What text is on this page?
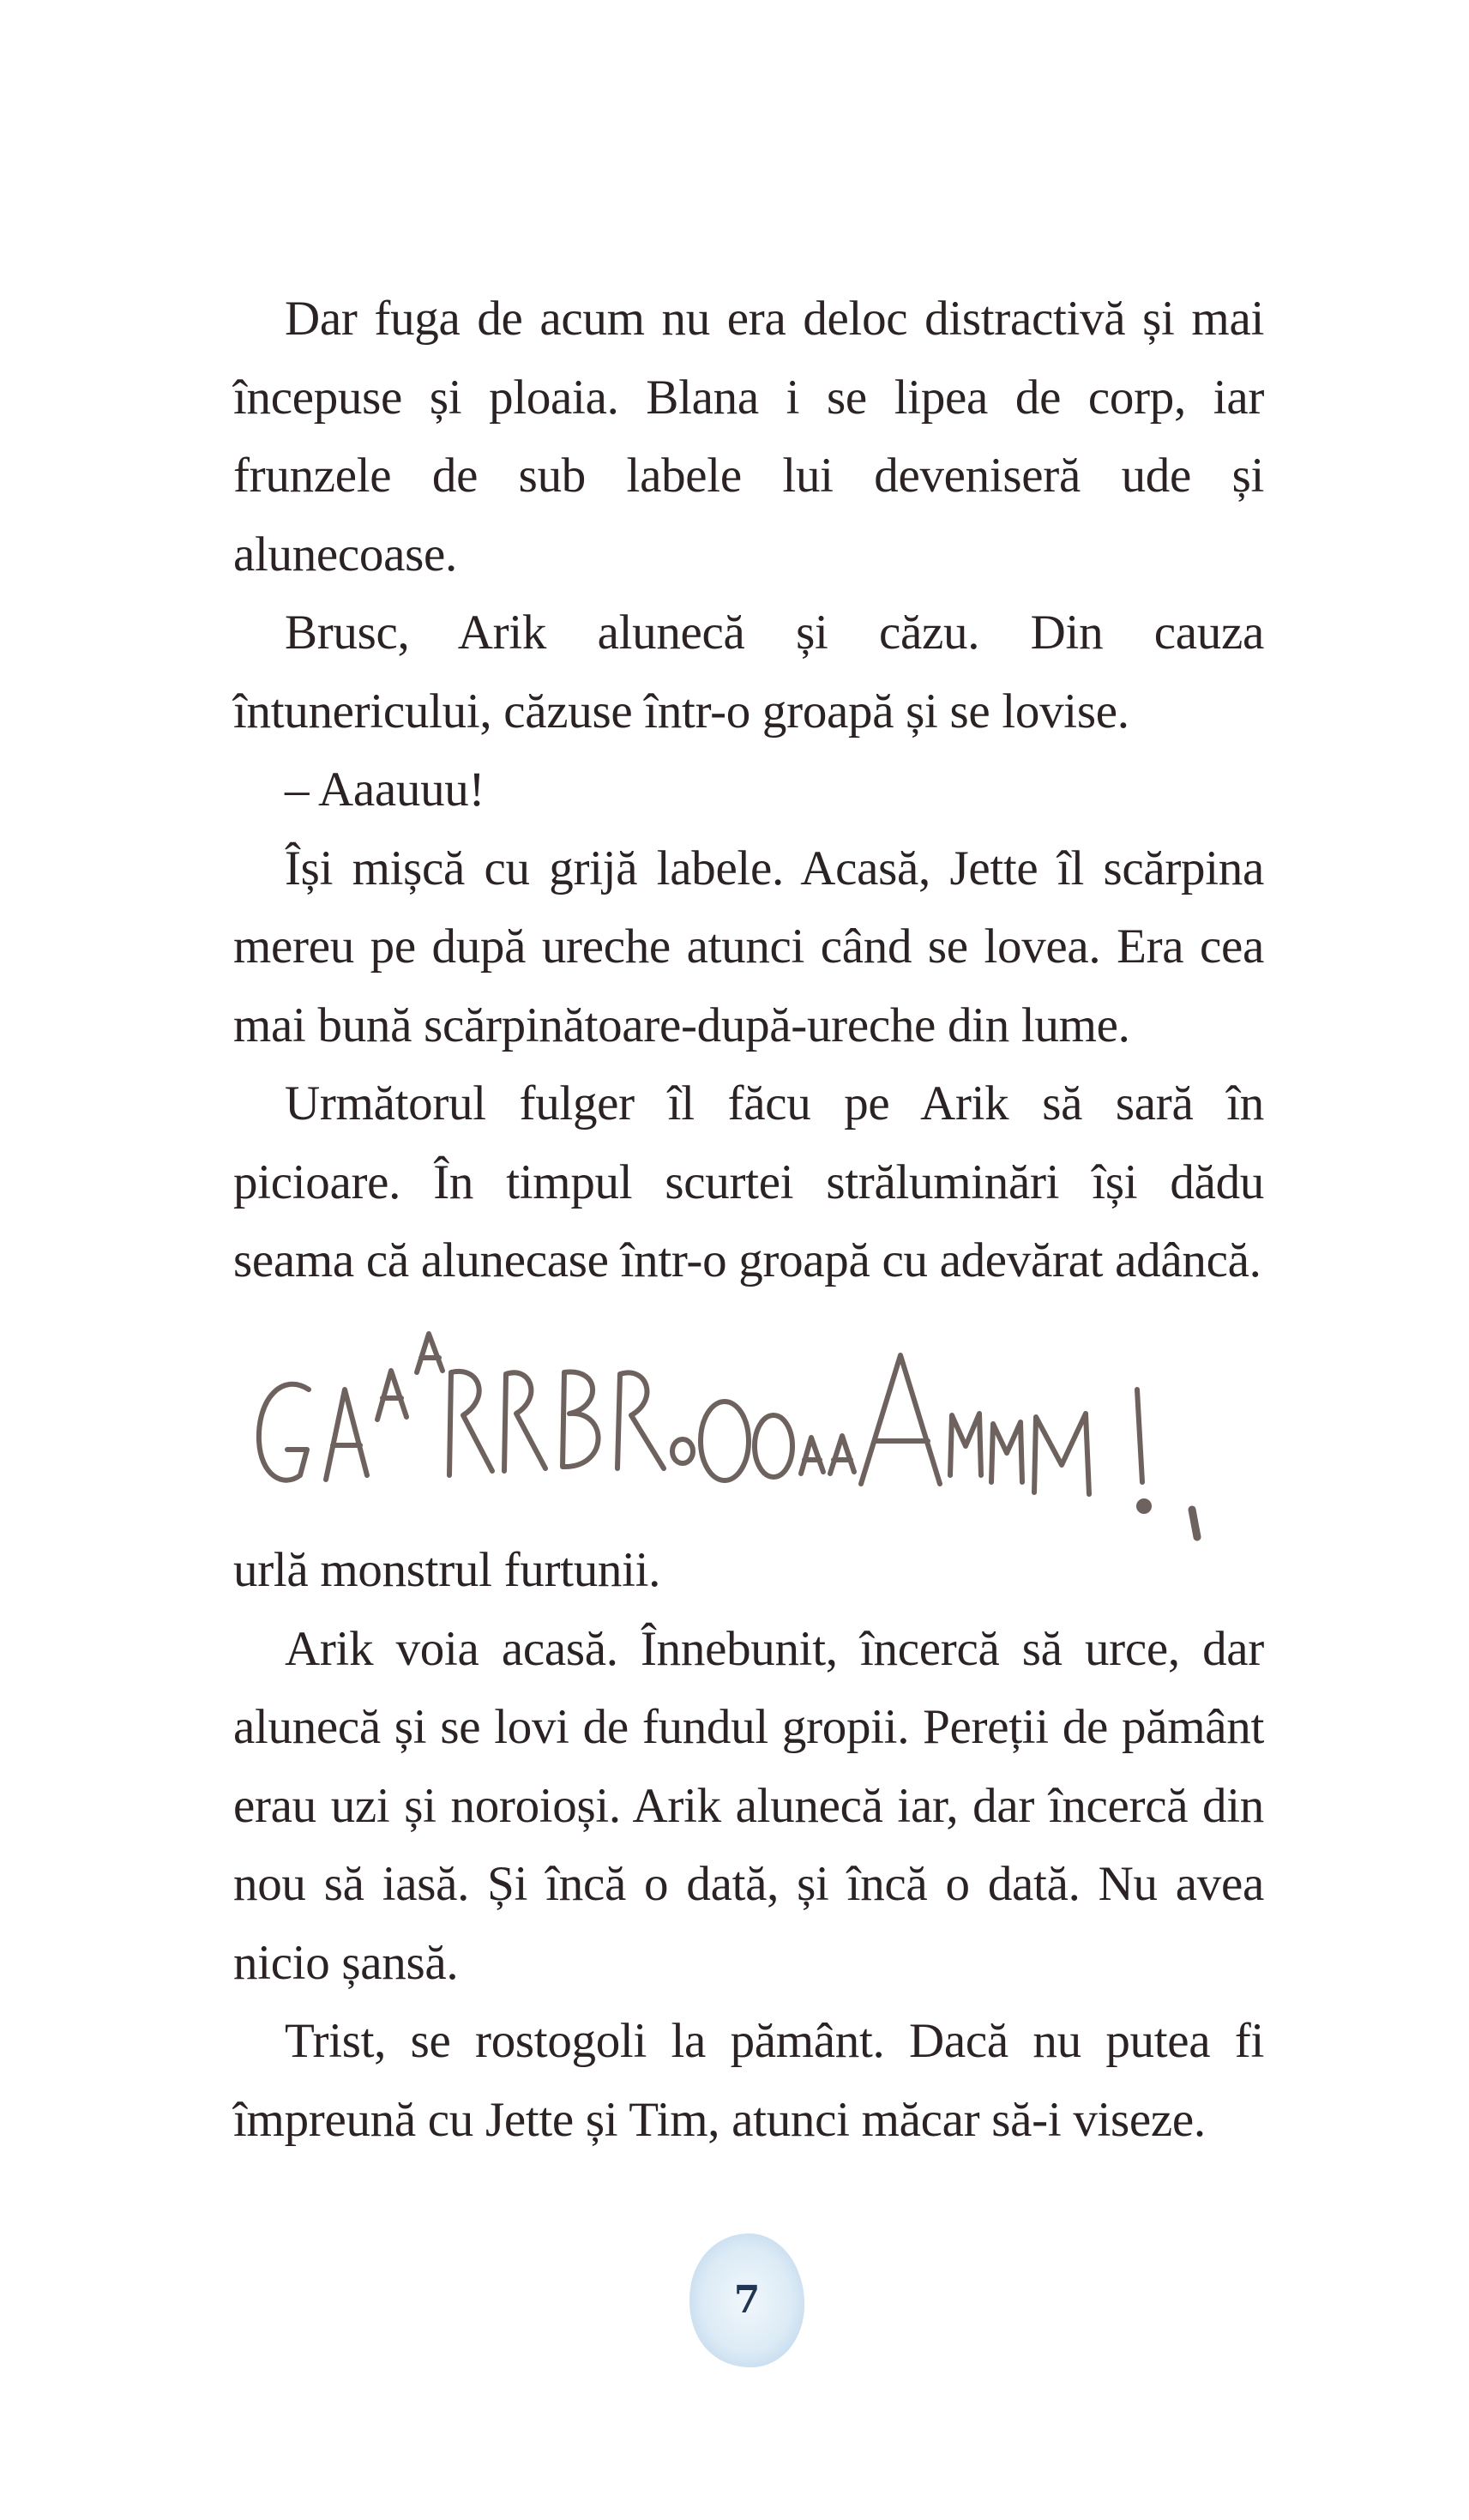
Dar fuga de acum nu era deloc distractivă și mai începuse și ploaia. Blana i se lipea de corp, iar frunzele de sub labele lui deveniseră ude și alunecoase.

Brusc, Arik alunecă și căzu. Din cauza întunericului, căzuse într-o groapă și se lovise.

– Aaauuu!

Își mișcă cu grijă labele. Acasă, Jette îl scărpina mereu pe după ureche atunci când se lovea. Era cea mai bună scărpinătoare-după-ureche din lume.

Următorul fulger îl făcu pe Arik să sară în picioare. În timpul scurtei străluminări își dădu seama că alunecase într-o groapă cu adevărat adâncă.

urlă monstrul furtunii.

Arik voia acasă. Înnebunit, încercă să urce, dar alunecă și se lovi de fundul gropii. Pereții de pământ erau uzi și noroioși. Arik alunecă iar, dar încercă din nou să iasă. Și încă o dată, și încă o dată. Nu avea nicio șansă.

Trist, se rostogoli la pământ. Dacă nu putea fi împreună cu Jette și Tim, atunci măcar să-i viseze.

7
